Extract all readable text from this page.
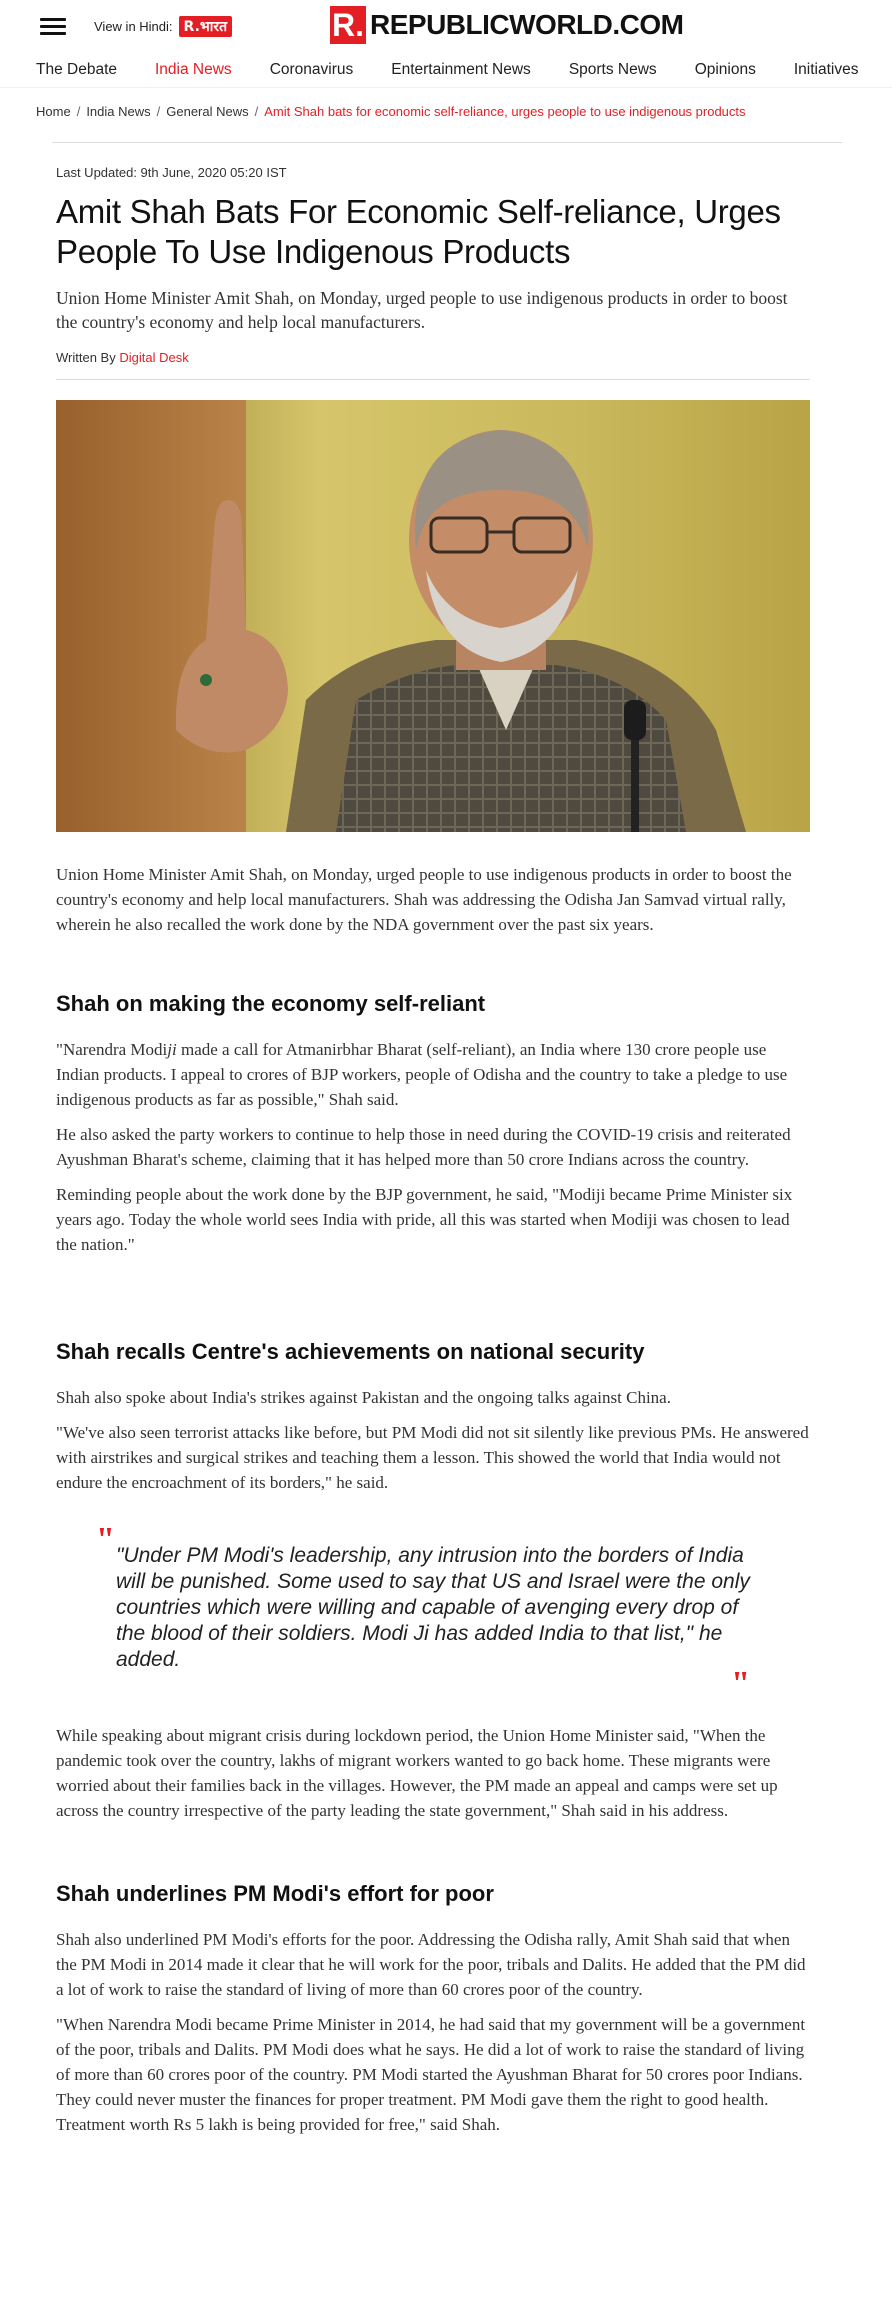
View in Hindi: R.भारत	R. REPUBLICWORLD.COM
The Debate India News Coronavirus Entertainment News Sports News Opinions Initiatives
Home / India News / General News / Amit Shah bats for economic self-reliance, urges people to use indigenous products
Last Updated: 9th June, 2020 05:20 IST
Amit Shah Bats For Economic Self-reliance, Urges People To Use Indigenous Products

Union Home Minister Amit Shah, on Monday, urged people to use indigenous products in order to boost the country's economy and help local manufacturers.

Written By Digital Desk

Union Home Minister Amit Shah, on Monday, urged people to use indigenous products in order to boost the country's economy and help local manufacturers. Shah was addressing the Odisha Jan Samvad virtual rally, wherein he also recalled the work done by the NDA government over the past six years.

Shah on making the economy self-reliant

"Narendra Modiji made a call for Atmanirbhar Bharat (self-reliant), an India where 130 crore people use Indian products. I appeal to crores of BJP workers, people of Odisha and the country to take a pledge to use indigenous products as far as possible," Shah said.

He also asked the party workers to continue to help those in need during the COVID-19 crisis and reiterated Ayushman Bharat's scheme, claiming that it has helped more than 50 crore Indians across the country.

Reminding people about the work done by the BJP government, he said, "Modiji became Prime Minister six years ago. Today the whole world sees India with pride, all this was started when Modiji was chosen to lead the nation."

Shah recalls Centre's achievements on national security

Shah also spoke about India's strikes against Pakistan and the ongoing talks against China.

"We've also seen terrorist attacks like before, but PM Modi did not sit silently like previous PMs. He answered with airstrikes and surgical strikes and teaching them a lesson. This showed the world that India would not endure the encroachment of its borders," he said.

" "Under PM Modi's leadership, any intrusion into the borders of India will be punished. Some used to say that US and Israel were the only countries which were willing and capable of avenging every drop of the blood of their soldiers. Modi Ji has added India to that list," he added.

"

While speaking about migrant crisis during lockdown period, the Union Home Minister said, "When the pandemic took over the country, lakhs of migrant workers wanted to go back home. These migrants were worried about their families back in the villages. However, the PM made an appeal and camps were set up across the country irrespective of the party leading the state government," Shah said in his address.

Shah underlines PM Modi's effort for poor

Shah also underlined PM Modi's efforts for the poor. Addressing the Odisha rally, Amit Shah said that when the PM Modi in 2014 made it clear that he will work for the poor, tribals and Dalits. He added that the PM did a lot of work to raise the standard of living of more than 60 crores poor of the country.

"When Narendra Modi became Prime Minister in 2014, he had said that my government will be a government of the poor, tribals and Dalits. PM Modi does what he says. He did a lot of work to raise the standard of living of more than 60 crores poor of the country. PM Modi started the Ayushman Bharat for 50 crores poor Indians. They could never muster the finances for proper treatment. PM Modi gave them the right to good health. Treatment worth Rs 5 lakh is being provided for free," said Shah.
